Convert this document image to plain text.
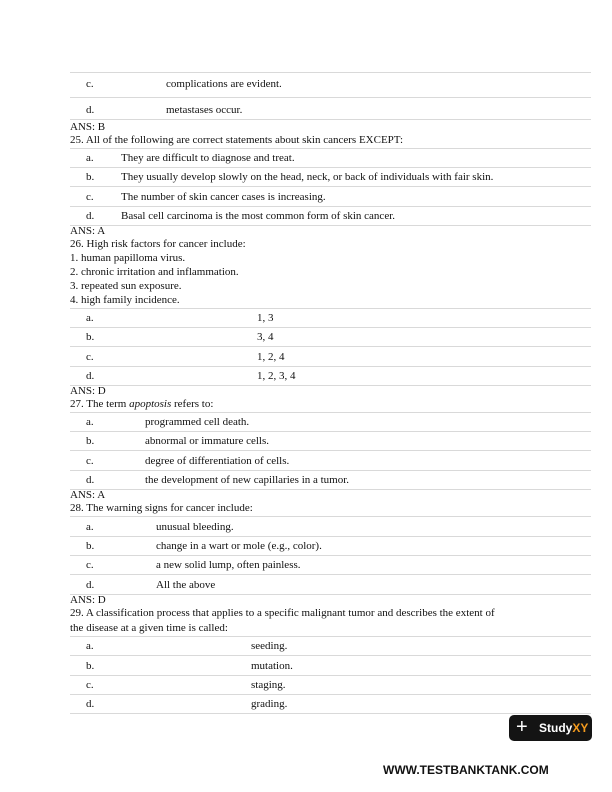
c.	complications are evident.
d.	metastases occur.
ANS: B
25. All of the following are correct statements about skin cancers EXCEPT:
a. They are difficult to diagnose and treat.
b. They usually develop slowly on the head, neck, or back of individuals with fair skin.
c. The number of skin cancer cases is increasing.
d. Basal cell carcinoma is the most common form of skin cancer.
ANS: A
26. High risk factors for cancer include:
1. human papilloma virus.
2. chronic irritation and inflammation.
3. repeated sun exposure.
4. high family incidence.
a.	1, 3
b.	3, 4
c.	1, 2, 4
d.	1, 2, 3, 4
ANS: D
27. The term apoptosis refers to:
a.	programmed cell death.
b.	abnormal or immature cells.
c.	degree of differentiation of cells.
d.	the development of new capillaries in a tumor.
ANS: A
28. The warning signs for cancer include:
a.	unusual bleeding.
b.	change in a wart or mole (e.g., color).
c.	a new solid lump, often painless.
d.	All the above
ANS: D
29. A classification process that applies to a specific malignant tumor and describes the extent of
the disease at a given time is called:
a.	seeding.
b.	mutation.
c.	staging.
d.	grading.
+ StudyXY
WWW.TESTBANKTANK.COM
